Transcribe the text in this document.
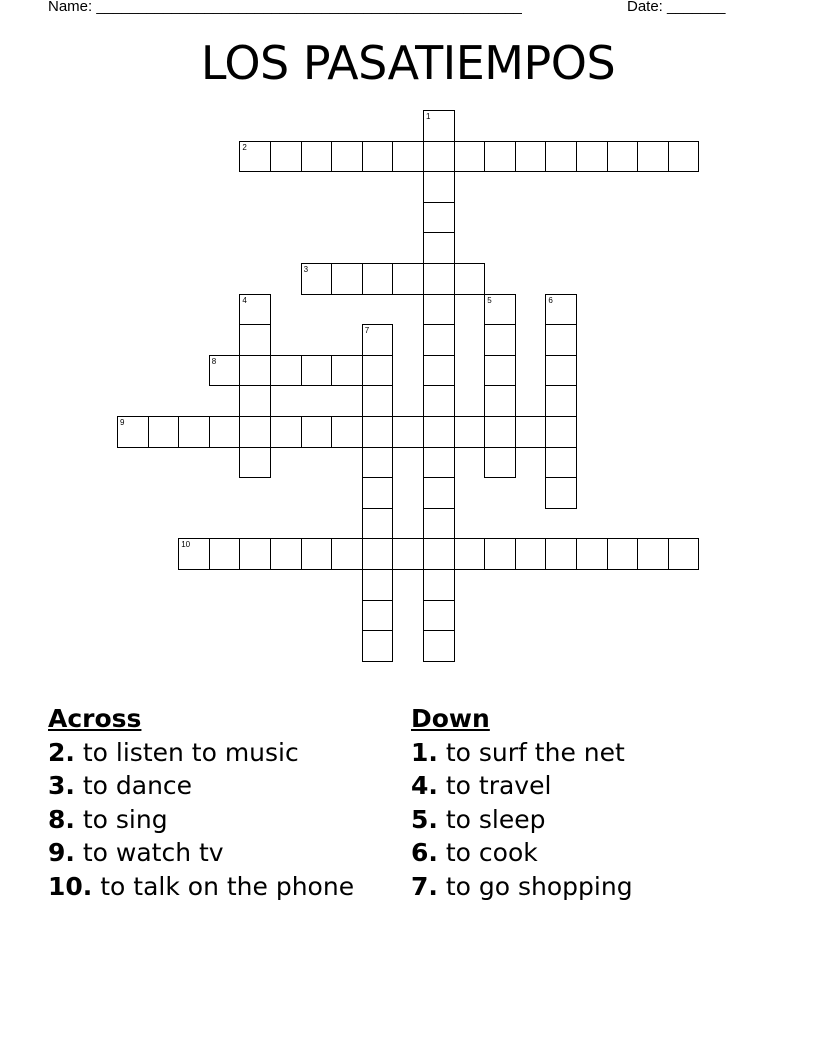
Name: ___________________________________________________	Date: _______
LOS PASATIEMPOS
1
2
3
4	5	6
7
8
9
10
Across
2. to listen to music
3. to dance
8. to sing
9. to watch tv
10. to talk on the phone
Down
1. to surf the net
4. to travel
5. to sleep
6. to cook
7. to go shopping
